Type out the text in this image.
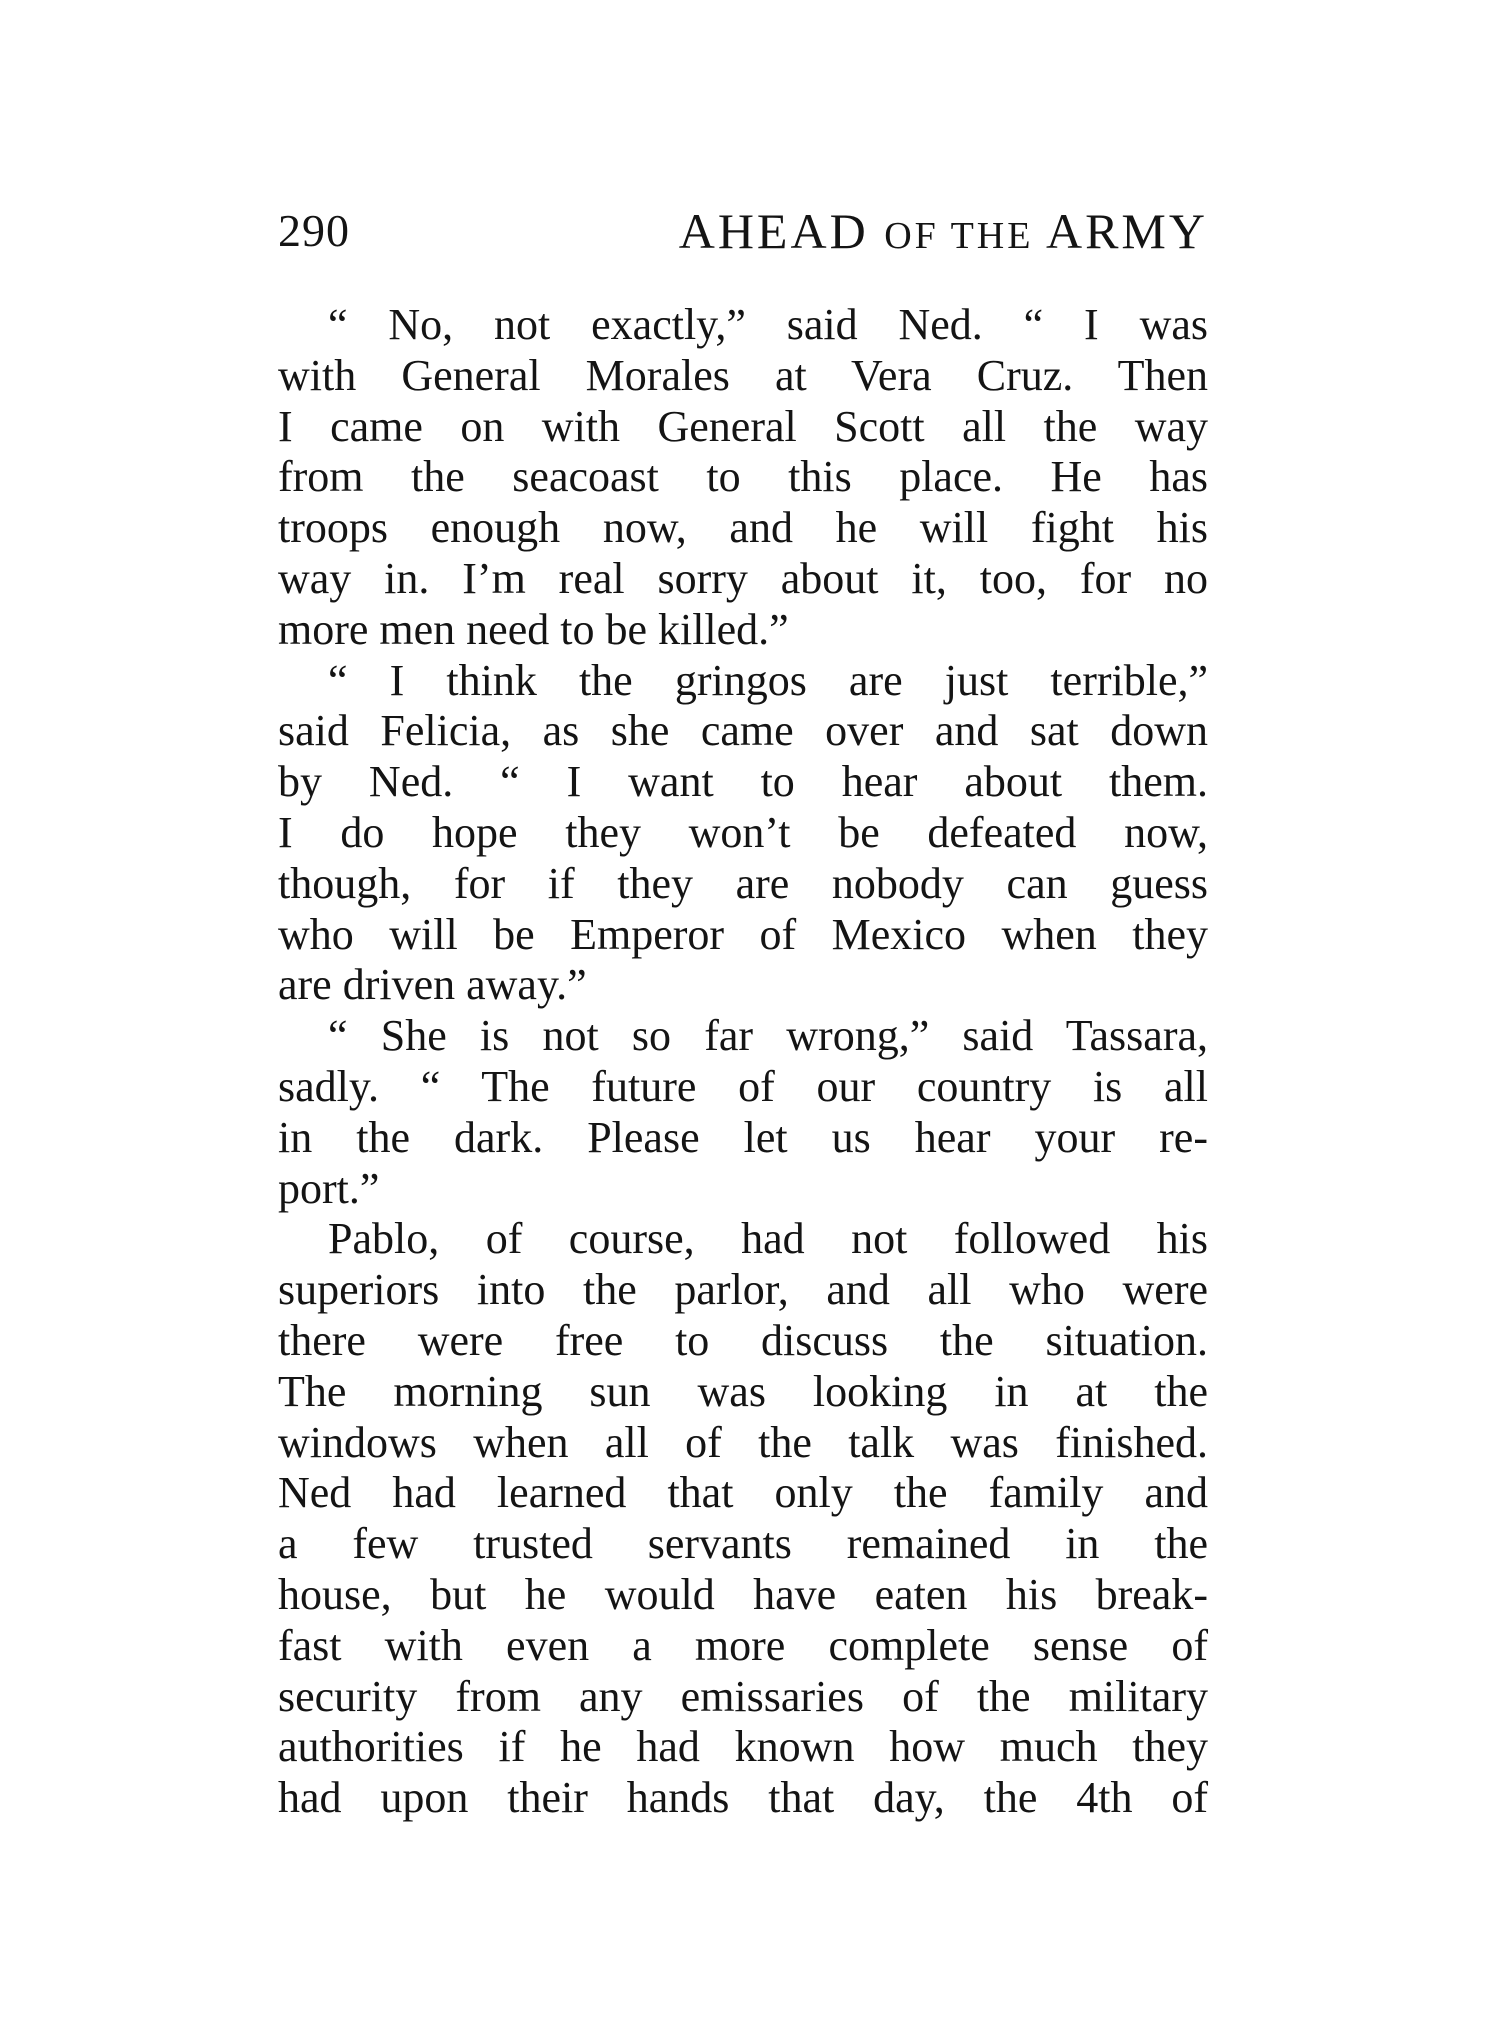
290	AHEAD OF THE ARMY
“ No, not exactly,” said Ned. “ I was
with General Morales at Vera Cruz. Then
I came on with General Scott all the way
from the seacoast to this place. He has
troops enough now, and he will fight his
way in. I’m real sorry about it, too, for no
more men need to be killed.”
“ I think the gringos are just terrible,”
said Felicia, as she came over and sat down
by Ned. “ I want to hear about them.
I do hope they won’t be defeated now,
though, for if they are nobody can guess
who will be Emperor of Mexico when they
are driven away.”
“ She is not so far wrong,” said Tassara,
sadly. “ The future of our country is all
in the dark. Please let us hear your re-
port.”
Pablo, of course, had not followed his
superiors into the parlor, and all who were
there were free to discuss the situation.
The morning sun was looking in at the
windows when all of the talk was finished.
Ned had learned that only the family and
a few trusted servants remained in the
house, but he would have eaten his break-
fast with even a more complete sense of
security from any emissaries of the military
authorities if he had known how much they
had upon their hands that day, the 4th of
